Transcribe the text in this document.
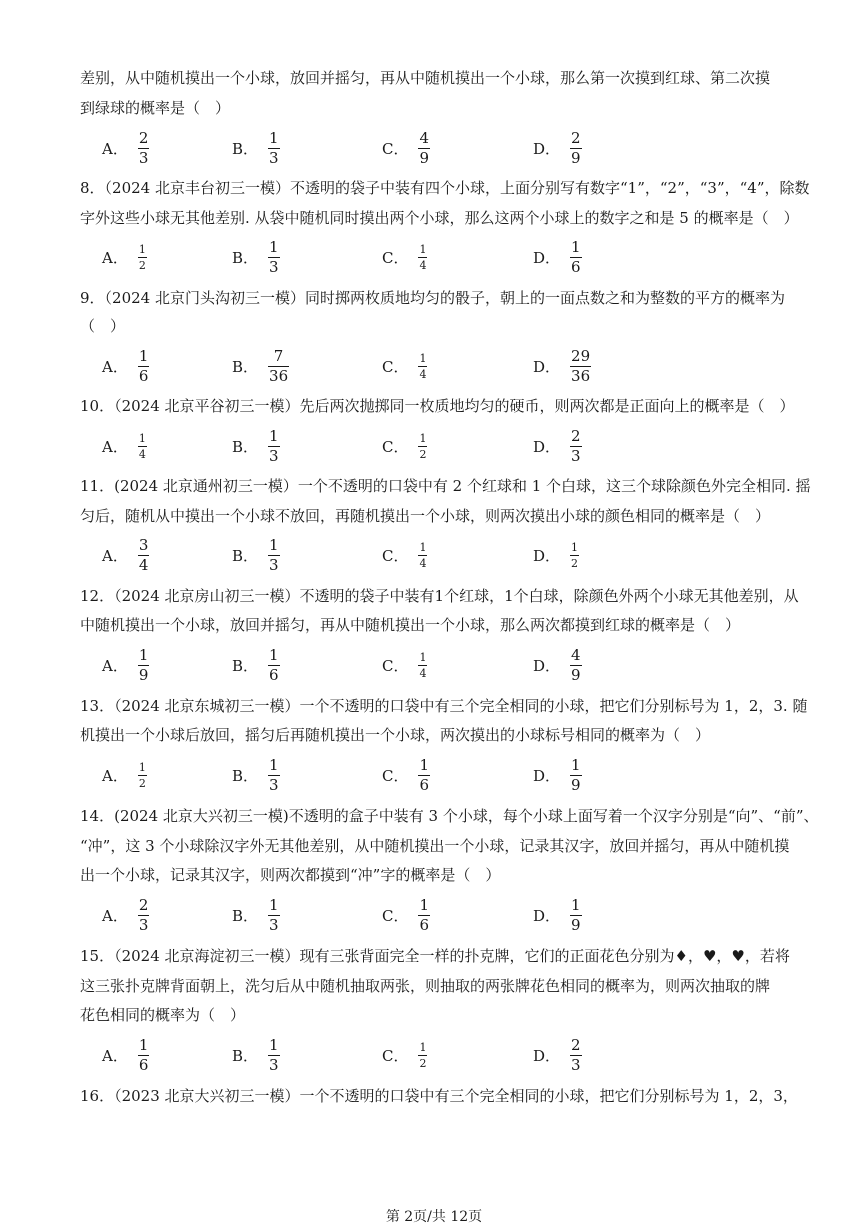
差别，从中随机摸出一个小球，放回并摇匀，再从中随机摸出一个小球，那么第一次摸到红球、第二次摸
到绿球的概率是（　）
A． $\frac{2}{3}$	B． $\frac{1}{3}$	C． $\frac{4}{9}$	D． $\frac{2}{9}$
8．（2024 北京丰台初三一模）不透明的袋子中装有四个小球，上面分别写有数字“1”，“2”，“3”，“4”，除数
字外这些小球无其他差别. 从袋中随机同时摸出两个小球，那么这两个小球上的数字之和是 5 的概率是（　）
A． $\frac{1}{2}$	B． $\frac{1}{3}$	C． $\frac{1}{4}$	D． $\frac{1}{6}$
9．（2024 北京门头沟初三一模）同时掷两枚质地均匀的骰子，朝上的一面点数之和为整数的平方的概率为
（　）
A． $\frac{1}{6}$	B． $\frac{7}{36}$	C． $\frac{1}{4}$	D． $\frac{29}{36}$
10．（2024 北京平谷初三一模）先后两次抛掷同一枚质地均匀的硬币，则两次都是正面向上的概率是（　）
A． $\frac{1}{4}$	B． $\frac{1}{3}$	C． $\frac{1}{2}$	D． $\frac{2}{3}$
11．(2024 北京通州初三一模）一个不透明的口袋中有 2 个红球和 1 个白球，这三个球除颜色外完全相同. 摇
匀后，随机从中摸出一个小球不放回，再随机摸出一个小球，则两次摸出小球的颜色相同的概率是（　）
A． $\frac{3}{4}$	B． $\frac{1}{3}$	C． $\frac{1}{4}$	D． $\frac{1}{2}$
12．（2024 北京房山初三一模）不透明的袋子中装有1个红球，1个白球，除颜色外两个小球无其他差别，从
中随机摸出一个小球，放回并摇匀，再从中随机摸出一个小球，那么两次都摸到红球的概率是（　）
A． $\frac{1}{9}$	B． $\frac{1}{6}$	C． $\frac{1}{4}$	D． $\frac{4}{9}$
13．（2024 北京东城初三一模）一个不透明的口袋中有三个完全相同的小球，把它们分别标号为 1，2，3. 随
机摸出一个小球后放回，摇匀后再随机摸出一个小球，两次摸出的小球标号相同的概率为（　）
A． $\frac{1}{2}$	B． $\frac{1}{3}$	C． $\frac{1}{6}$	D． $\frac{1}{9}$
14．(2024 北京大兴初三一模)不透明的盒子中装有 3 个小球，每个小球上面写着一个汉字分别是“向”、“前”、
“冲”，这 3 个小球除汉字外无其他差别，从中随机摸出一个小球，记录其汉字，放回并摇匀，再从中随机摸
出一个小球，记录其汉字，则两次都摸到“冲”字的概率是（　）
A． $\frac{2}{3}$	B． $\frac{1}{3}$	C． $\frac{1}{6}$	D． $\frac{1}{9}$
15．（2024 北京海淀初三一模）现有三张背面完全一样的扑克牌，它们的正面花色分别为♦，♥，♥，若将
这三张扑克牌背面朝上，洗匀后从中随机抽取两张，则抽取的两张牌花色相同的概率为，则两次抽取的牌
花色相同的概率为（　）
A． $\frac{1}{6}$	B． $\frac{1}{3}$	C． $\frac{1}{2}$	D． $\frac{2}{3}$
16．（2023 北京大兴初三一模）一个不透明的口袋中有三个完全相同的小球，把它们分别标号为 1，2，3，
第 2页/共 12页
